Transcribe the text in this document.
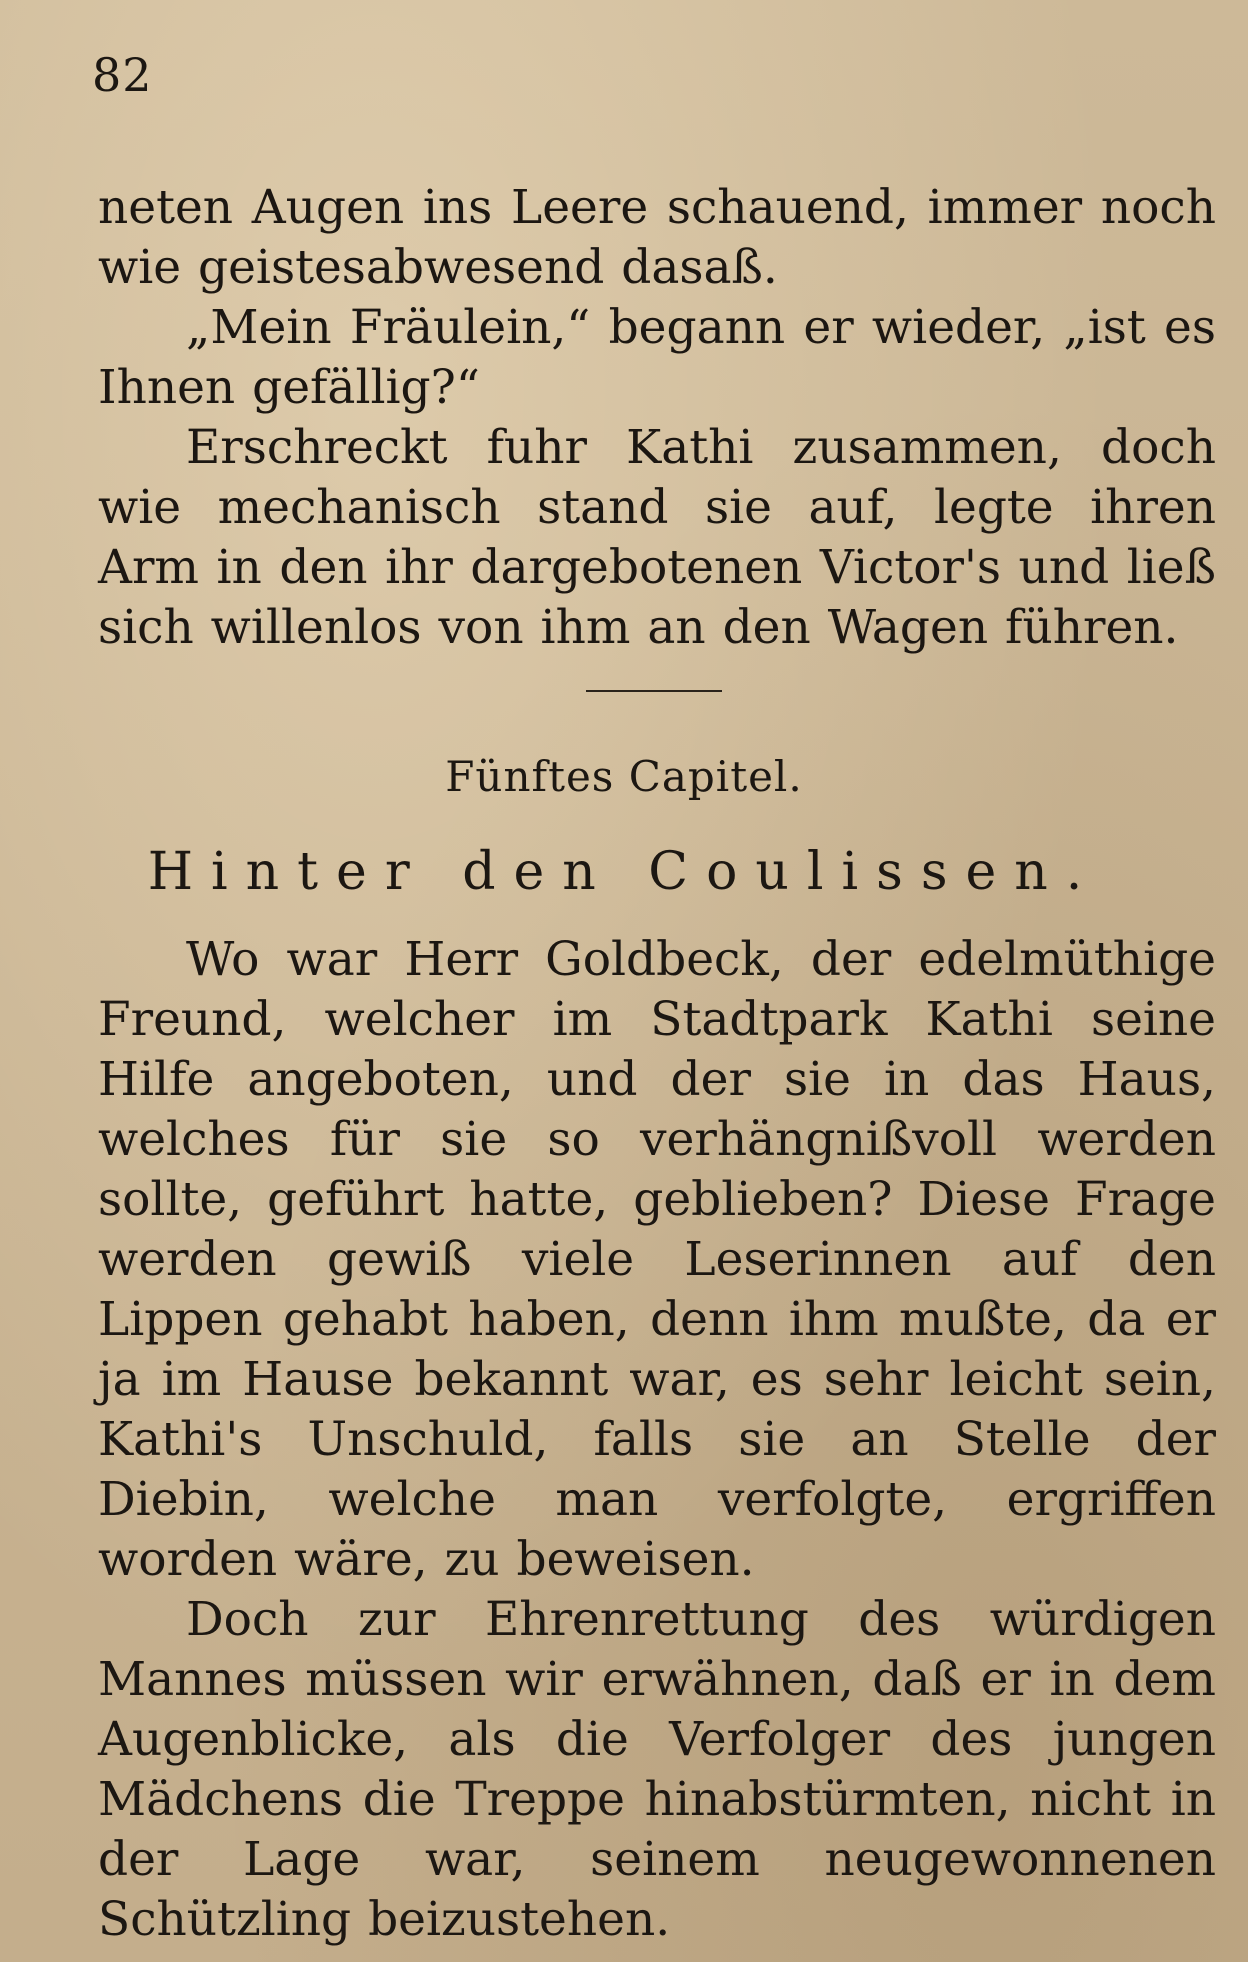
82

neten Augen ins Leere schauend, immer noch wie geistesabwesend dasaß.

„Mein Fräulein,“ begann er wieder, „ist es Ihnen gefällig?“

Erschreckt fuhr Kathi zusammen, doch wie mechanisch stand sie auf, legte ihren Arm in den ihr dargebotenen Victor's und ließ sich willenlos von ihm an den Wagen führen.

Fünftes Capitel.
Hinter den Coulissen.

Wo war Herr Goldbeck, der edelmüthige Freund, welcher im Stadtpark Kathi seine Hilfe angeboten, und der sie in das Haus, welches für sie so verhängnißvoll werden sollte, geführt hatte, geblieben? Diese Frage werden gewiß viele Leserinnen auf den Lippen gehabt haben, denn ihm mußte, da er ja im Hause bekannt war, es sehr leicht sein, Kathi's Unschuld, falls sie an Stelle der Diebin, welche man verfolgte, ergriffen worden wäre, zu beweisen.

Doch zur Ehrenrettung des würdigen Mannes müssen wir erwähnen, daß er in dem Augenblicke, als die Verfolger des jungen Mädchens die Treppe hinabstürmten, nicht in der Lage war, seinem neugewonnenen Schützling beizustehen.
